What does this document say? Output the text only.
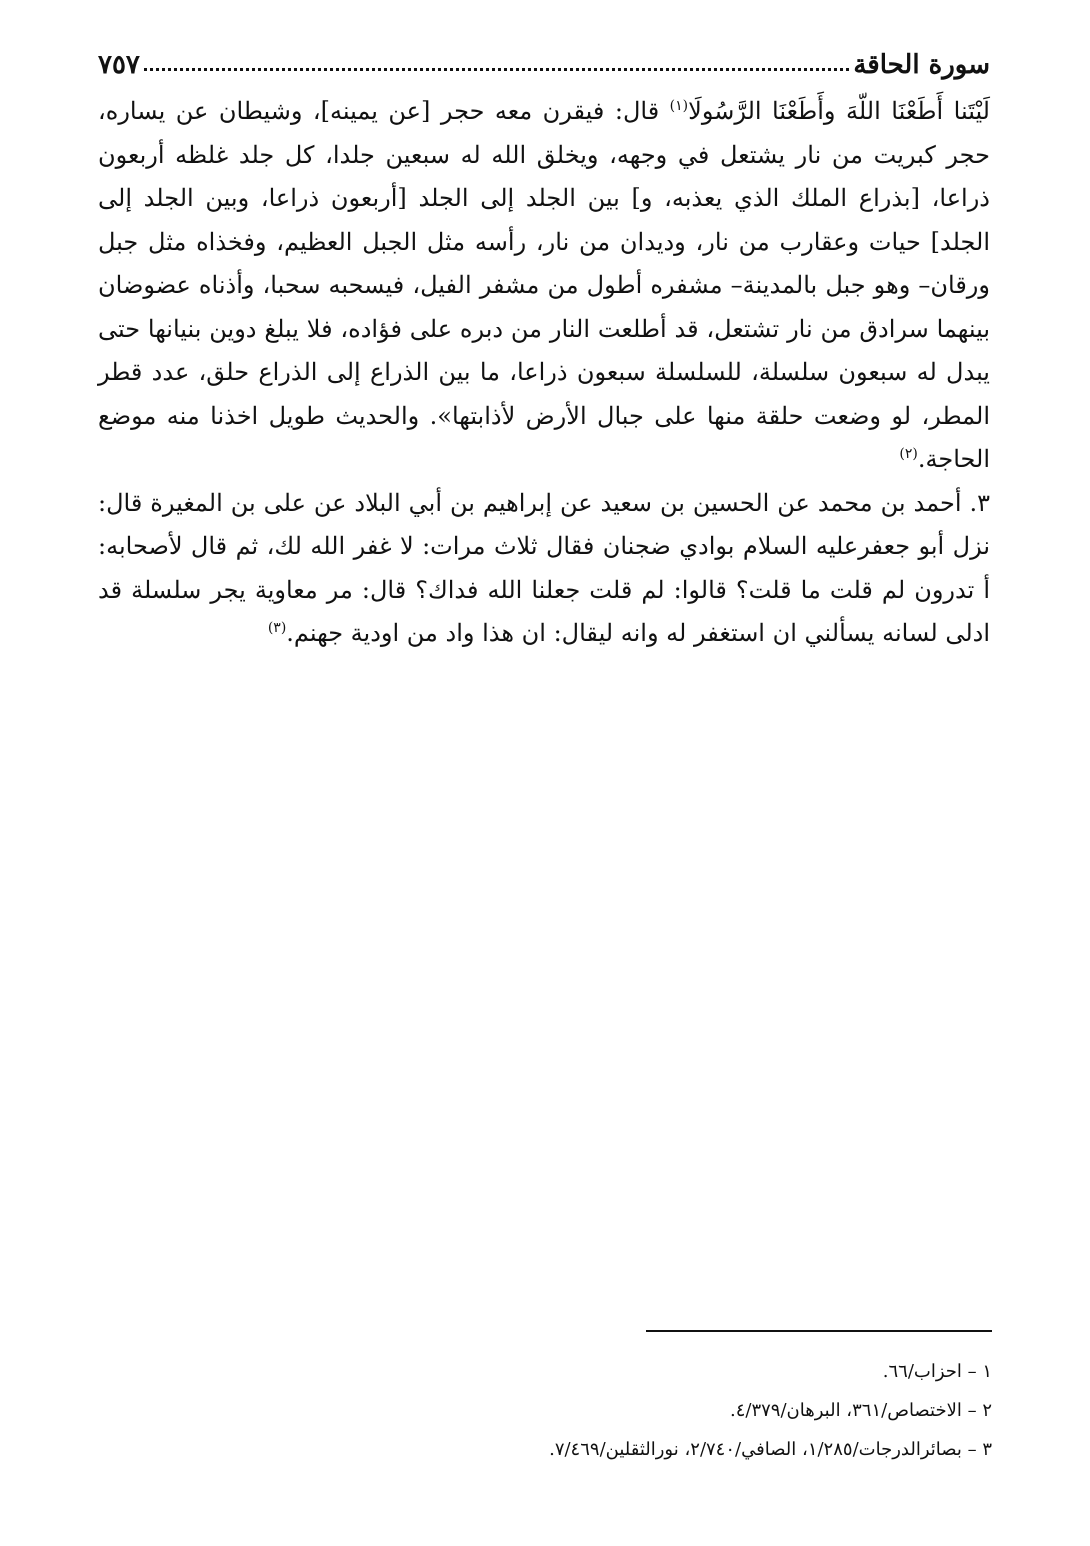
سورة الحاقة
٧٥٧

لَيْتَنا أَطَعْنَا اللّهَ وأَطَعْنَا الرَّسُولَا$^{(١)}$ قال: فيقرن معه حجر [عن يمينه]، وشيطان عن يساره، حجر كبريت من نار يشتعل في وجهه، ويخلق الله له سبعين جلدا، كل جلد غلظه أربعون ذراعا، [بذراع الملك الذي يعذبه، و] بين الجلد إلى الجلد [أربعون ذراعا، وبين الجلد إلى الجلد] حيات وعقارب من نار، وديدان من نار، رأسه مثل الجبل العظيم، وفخذاه مثل جبل ورقان– وهو جبل بالمدينة– مشفره أطول من مشفر الفيل، فيسحبه سحبا، وأذناه عضوضان بينهما سرادق من نار تشتعل، قد أطلعت النار من دبره على فؤاده، فلا يبلغ دوين بنيانها حتى يبدل له سبعون سلسلة، للسلسلة سبعون ذراعا، ما بين الذراع إلى الذراع حلق، عدد قطر المطر، لو وضعت حلقة منها على جبال الأرض لأذابتها». والحديث طويل اخذنا منه موضع الحاجة.$^{(٢)}$

٣. أحمد بن محمد عن الحسين بن سعيد عن إبراهيم بن أبي البلاد عن على بن المغيرة قال: نزل أبو جعفرعليه السلام بوادي ضجنان فقال ثلاث مرات: لا غفر الله لك، ثم قال لأصحابه: أ تدرون لم قلت ما قلت؟ قالوا: لم قلت جعلنا الله فداك؟ قال: مر معاوية يجر سلسلة قد ادلى لسانه يسألني ان استغفر له وانه ليقال: ان هذا واد من اودية جهنم.$^{(٣)}$

١ – احزاب/٦٦.
٢ – الاختصاص/٣٦١، البرهان/٤/٣٧٩.
٣ – بصائرالدرجات/١/٢٨٥، الصافي/٢/٧٤٠، نورالثقلين/٧/٤٦٩.
